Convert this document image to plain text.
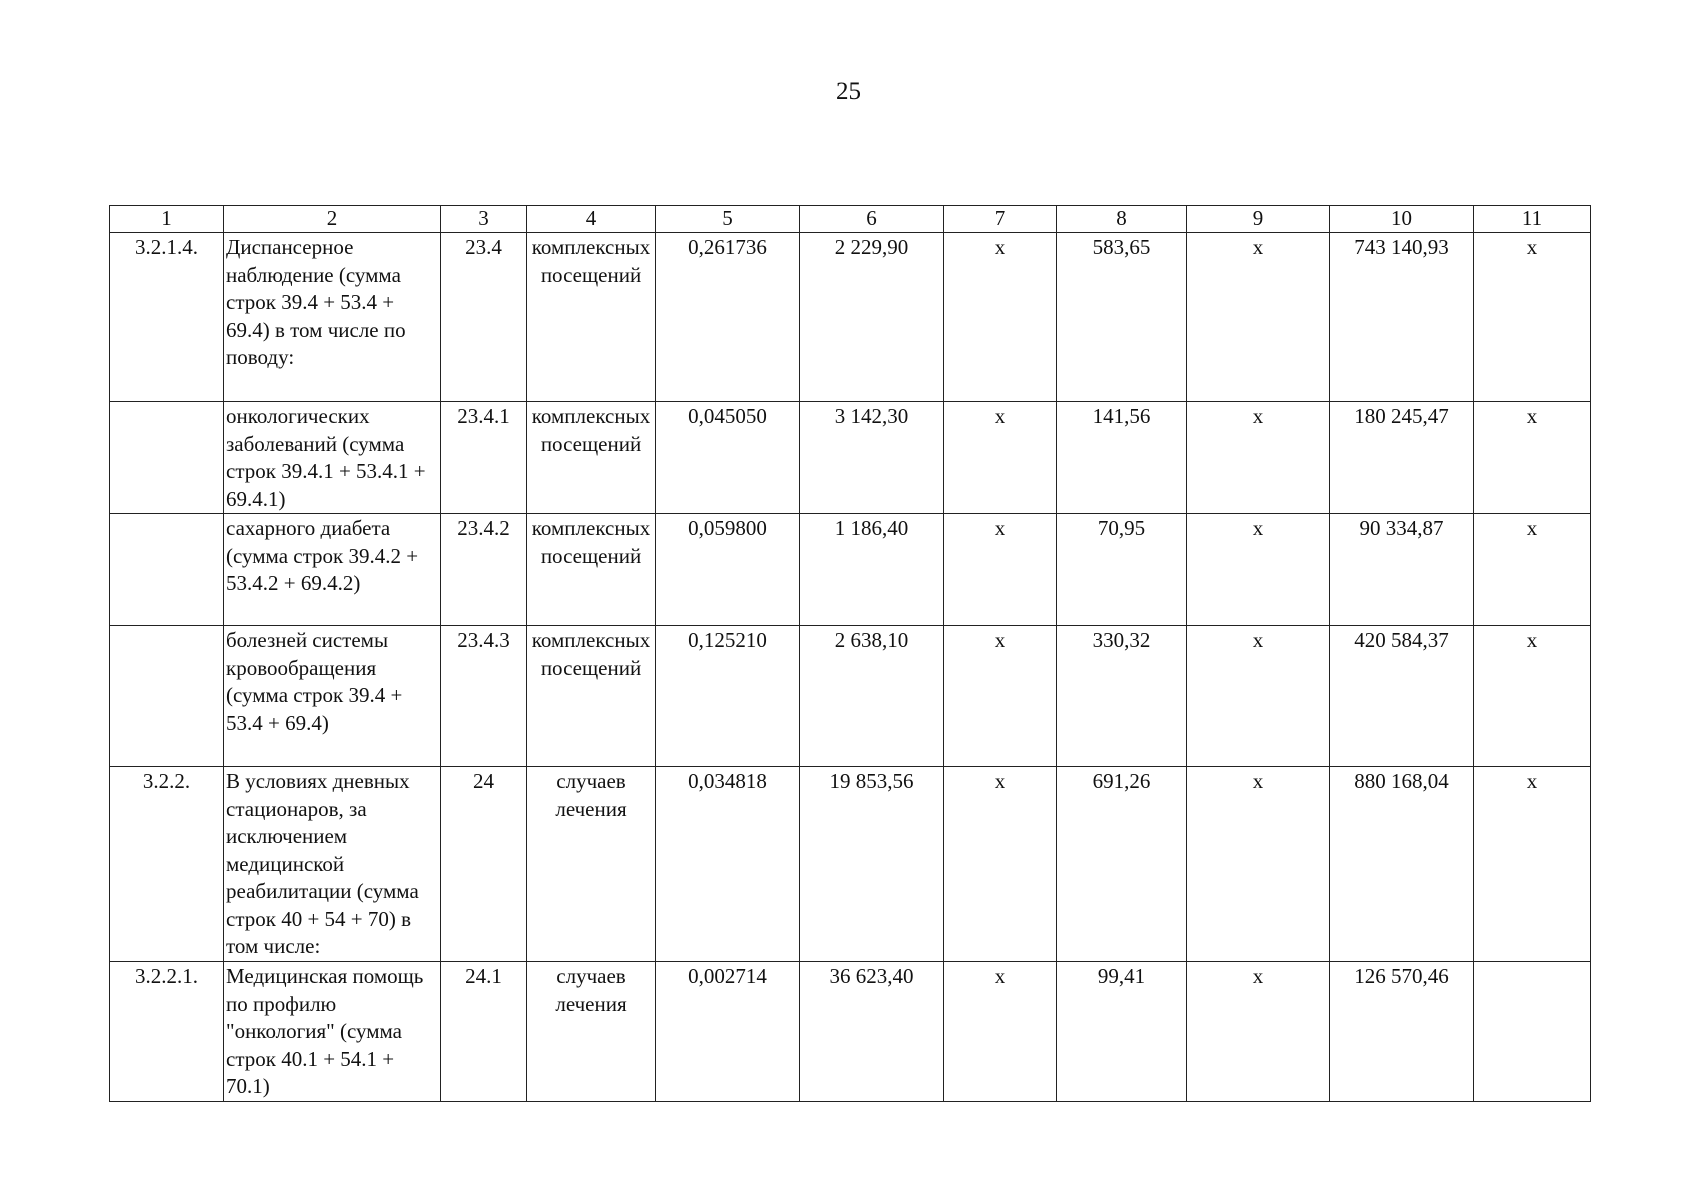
25
1	2	3	4	5	6	7	8	9	10	11
3.2.1.4.	Диспансерное наблюдение (сумма строк 39.4 + 53.4 + 69.4) в том числе по поводу:	23.4	комплексных посещений	0,261736	2 229,90	х	583,65	х	743 140,93	х
	онкологических заболеваний (сумма строк 39.4.1 + 53.4.1 + 69.4.1)	23.4.1	комплексных посещений	0,045050	3 142,30	х	141,56	х	180 245,47	х
	сахарного диабета (сумма строк 39.4.2 + 53.4.2 + 69.4.2)	23.4.2	комплексных посещений	0,059800	1 186,40	х	70,95	х	90 334,87	х
	болезней системы кровообращения (сумма строк 39.4 + 53.4 + 69.4)	23.4.3	комплексных посещений	0,125210	2 638,10	х	330,32	х	420 584,37	х
3.2.2.	В условиях дневных стационаров, за исключением медицинской реабилитации (сумма строк 40 + 54 + 70) в том числе:	24	случаев лечения	0,034818	19 853,56	х	691,26	х	880 168,04	х
3.2.2.1.	Медицинская помощь по профилю "онкология" (сумма строк 40.1 + 54.1 + 70.1)	24.1	случаев лечения	0,002714	36 623,40	х	99,41	х	126 570,46	
